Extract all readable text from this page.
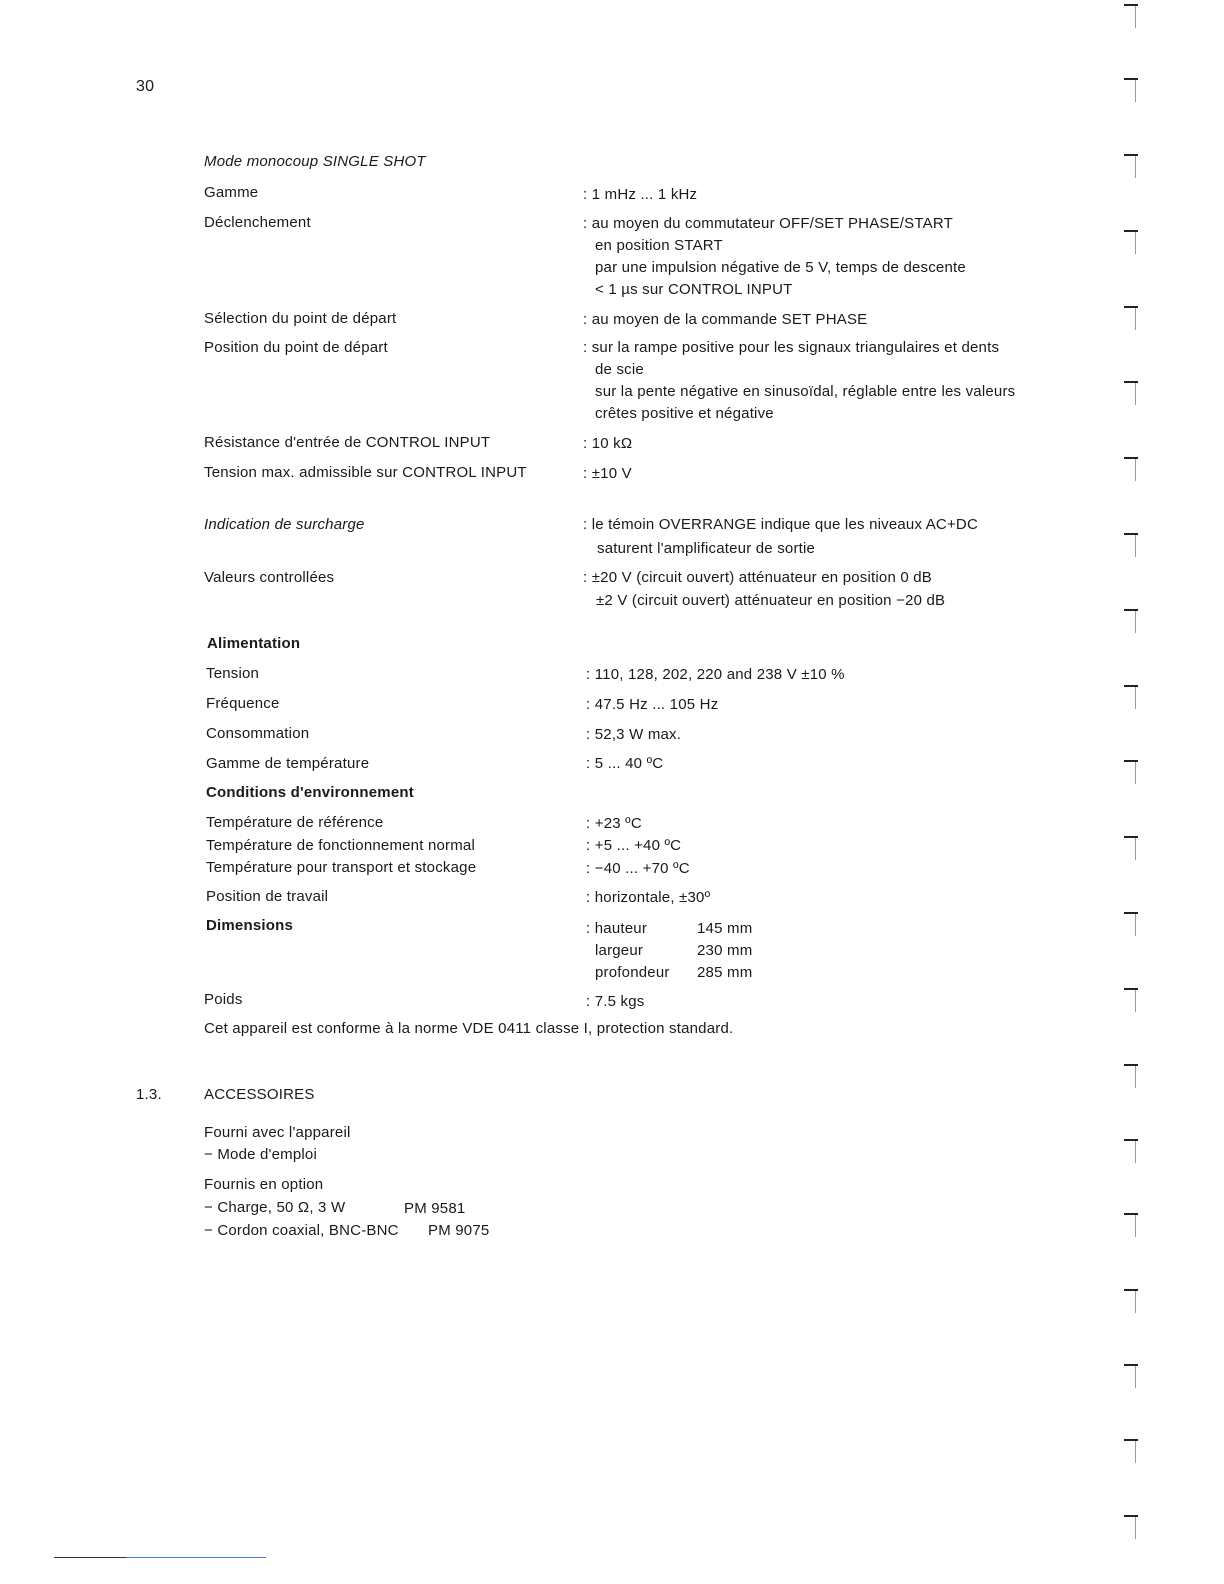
30
Mode monocoup SINGLE SHOT
Gamme	: 1 mHz ... 1 kHz
Déclenchement	: au moyen du commutateur OFF/SET PHASE/START
en position START
par une impulsion négative de 5 V, temps de descente
< 1 µs sur CONTROL INPUT
Sélection du point de départ	: au moyen de la commande SET PHASE
Position du point de départ	: sur la rampe positive pour les signaux triangulaires et dents
de scie
sur la pente négative en sinusoïdal, réglable entre les valeurs
crêtes positive et négative
Résistance d'entrée de CONTROL INPUT	: 10 kΩ
Tension max. admissible sur CONTROL INPUT	: ±10 V
Indication de surcharge	: le témoin OVERRANGE indique que les niveaux AC+DC
saturent l'amplificateur de sortie
Valeurs controllées	: ±20 V (circuit ouvert) atténuateur en position 0 dB
±2 V (circuit ouvert) atténuateur en position −20 dB
Alimentation
Tension	: 110, 128, 202, 220 and 238 V ±10 %
Fréquence	: 47.5 Hz ... 105 Hz
Consommation	: 52,3 W max.
Gamme de température	: 5 ... 40 ºC
Conditions d'environnement
Température de référence	: +23 ºC
Température de fonctionnement normal	: +5 ... +40 ºC
Température pour transport et stockage	: −40 ... +70 ºC
Position de travail	: horizontale, ±30º
Dimensions	: hauteur	145 mm
largeur	230 mm
profondeur 285 mm
Poids	: 7.5 kgs
Cet appareil est conforme à la norme VDE 0411 classe I, protection standard.
1.3.	ACCESSOIRES
Fourni avec l'appareil
− Mode d'emploi
Fournis en option
− Charge, 50 Ω, 3 W	PM 9581
− Cordon coaxial, BNC-BNC PM 9075
